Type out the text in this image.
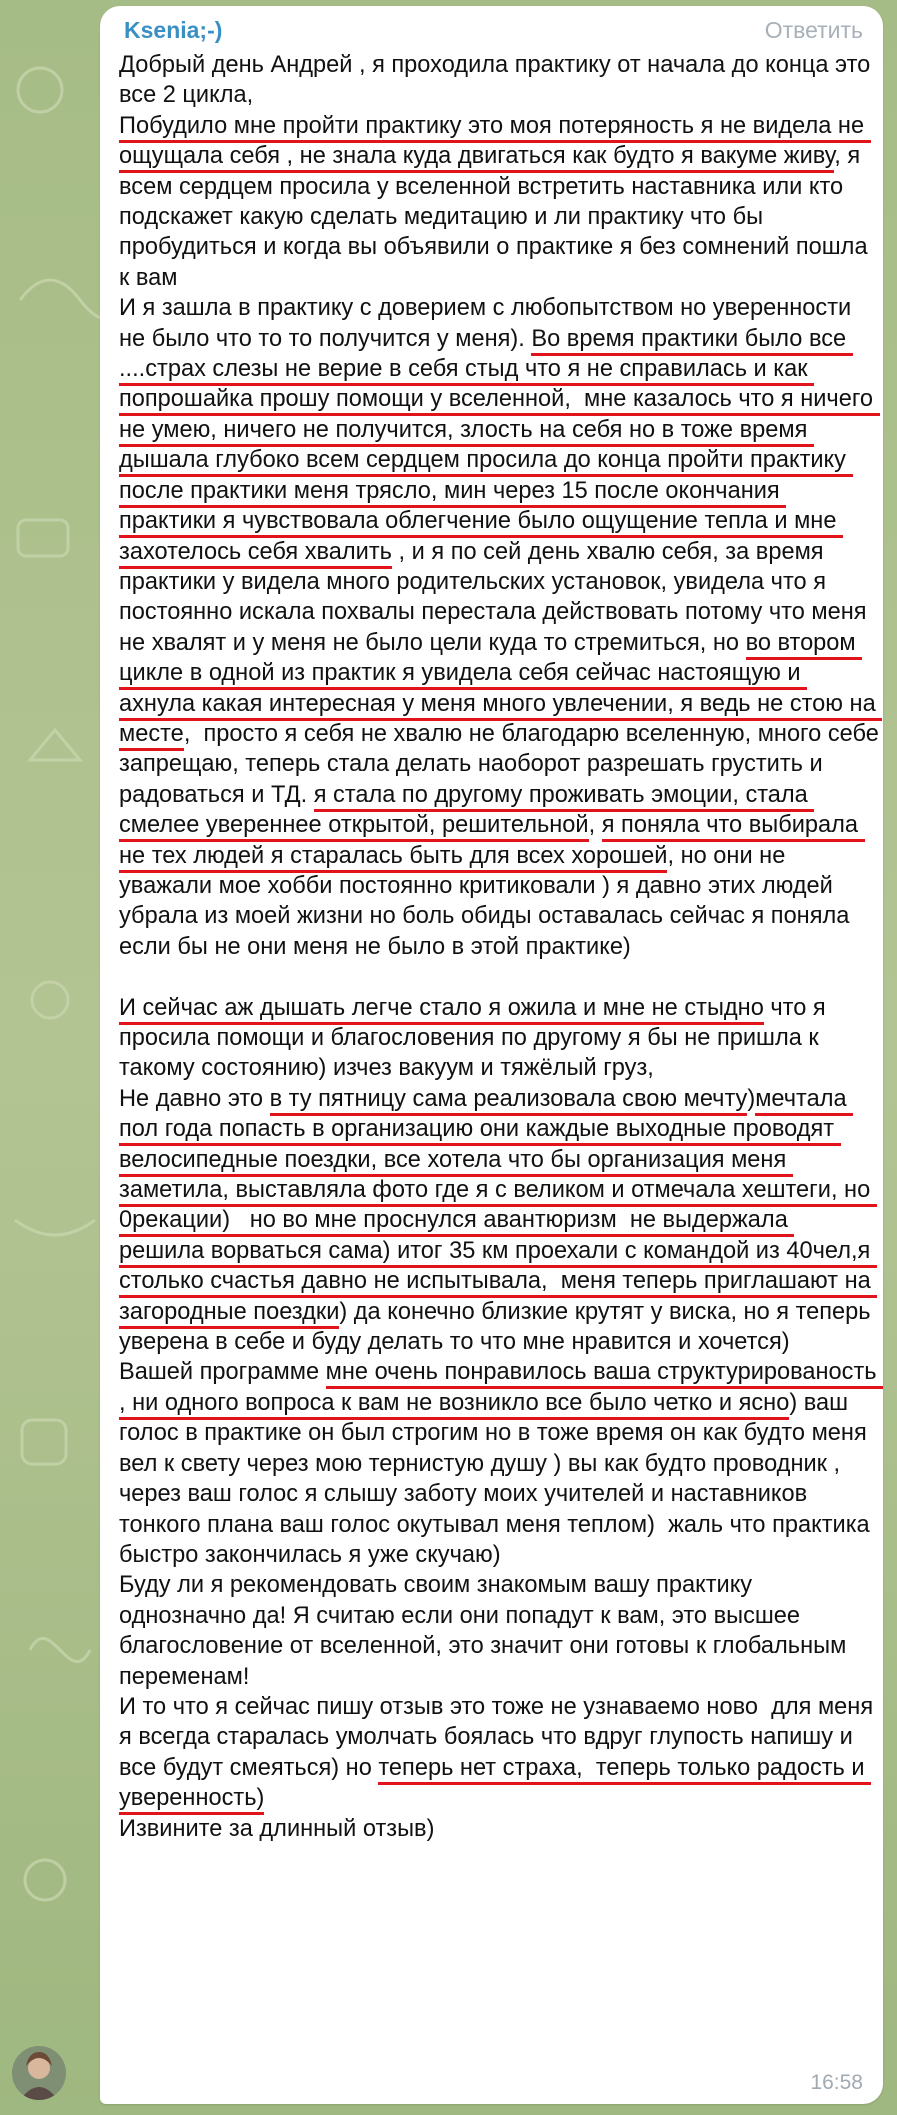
Ksenia;-)	Ответить
Добрый день Андрей , я проходила практику от начала до конца это все 2 цикла,
Побудило мне пройти практику это моя потеряность я не видела не ощущала себя , не знала куда двигаться как будто я вакуме живу, я всем сердцем просила у вселенной встретить наставника или кто подскажет какую сделать медитацию и ли практику что бы пробудиться и когда вы объявили о практике я без сомнений пошла к вам
И я зашла в практику с доверием с любопытством но уверенности не было что то то получится у меня). Во время практики было все ....страх слезы не верие в себя стыд что я не справилась и как попрошайка прошу помощи у вселенной,  мне казалось что я ничего не умею, ничего не получится, злость на себя но в тоже время дышала глубоко всем сердцем просила до конца пройти практику после практики меня трясло, мин через 15 после окончания практики я чувствовала облегчение было ощущение тепла и мне захотелось себя хвалить , и я по сей день хвалю себя, за время практики у видела много родительских установок, увидела что я постоянно искала похвалы перестала действовать потому что меня не хвалят и у меня не было цели куда то стремиться, но во втором цикле в одной из практик я увидела себя сейчас настоящую и ахнула какая интересная у меня много увлечении, я ведь не стою на месте,  просто я себя не хвалю не благодарю вселенную, много себе запрещаю, теперь стала делать наоборот разрешать грустить и  радоваться и ТД. я стала по другому проживать эмоции, стала смелее увереннее открытой, решительной, я поняла что выбирала не тех людей я старалась быть для всех хорошей, но они не уважали мое хобби постоянно критиковали ) я давно этих людей убрала из моей жизни но боль обиды оставалась сейчас я поняла если бы не они меня не было в этой практике)

И сейчас аж дышать легче стало я ожила и мне не стыдно что я просила помощи и благословения по другому я бы не пришла к такому состоянию) изчез вакуум и тяжёлый груз,
Не давно это в ту пятницу сама реализовала свою мечту)мечтала пол года попасть в организацию они каждые выходные проводят велосипедные поездки, все хотела что бы организация меня заметила, выставляла фото где я с великом и отмечала хештеги, но 0рекации)   но во мне проснулся авантюризм  не выдержала решила ворваться сама) итог 35 км проехали с командой из 40чел,я столько счастья давно не испытывала,  меня теперь приглашают на загородные поездки) да конечно близкие крутят у виска, но я теперь уверена в себе и буду делать то что мне нравится и хочется)
Вашей программе мне очень понравилось ваша структурированость , ни одного вопроса к вам не возникло все было четко и ясно) ваш голос в практике он был строгим но в тоже время он как будто меня вел к свету через мою тернистую душу ) вы как будто проводник , через ваш голос я слышу заботу моих учителей и наставников тонкого плана ваш голос окутывал меня теплом)  жаль что практика быстро закончилась я уже скучаю)
Буду ли я рекомендовать своим знакомым вашу практику однозначно да! Я считаю если они попадут к вам, это высшее благословение от вселенной, это значит они готовы к глобальным переменам!
И то что я сейчас пишу отзыв это тоже не узнаваемо ново  для меня я всегда старалась умолчать боялась что вдруг глупость напишу и все будут смеяться) но теперь нет страха,  теперь только радость и уверенность)
Извините за длинный отзыв)
16:58
